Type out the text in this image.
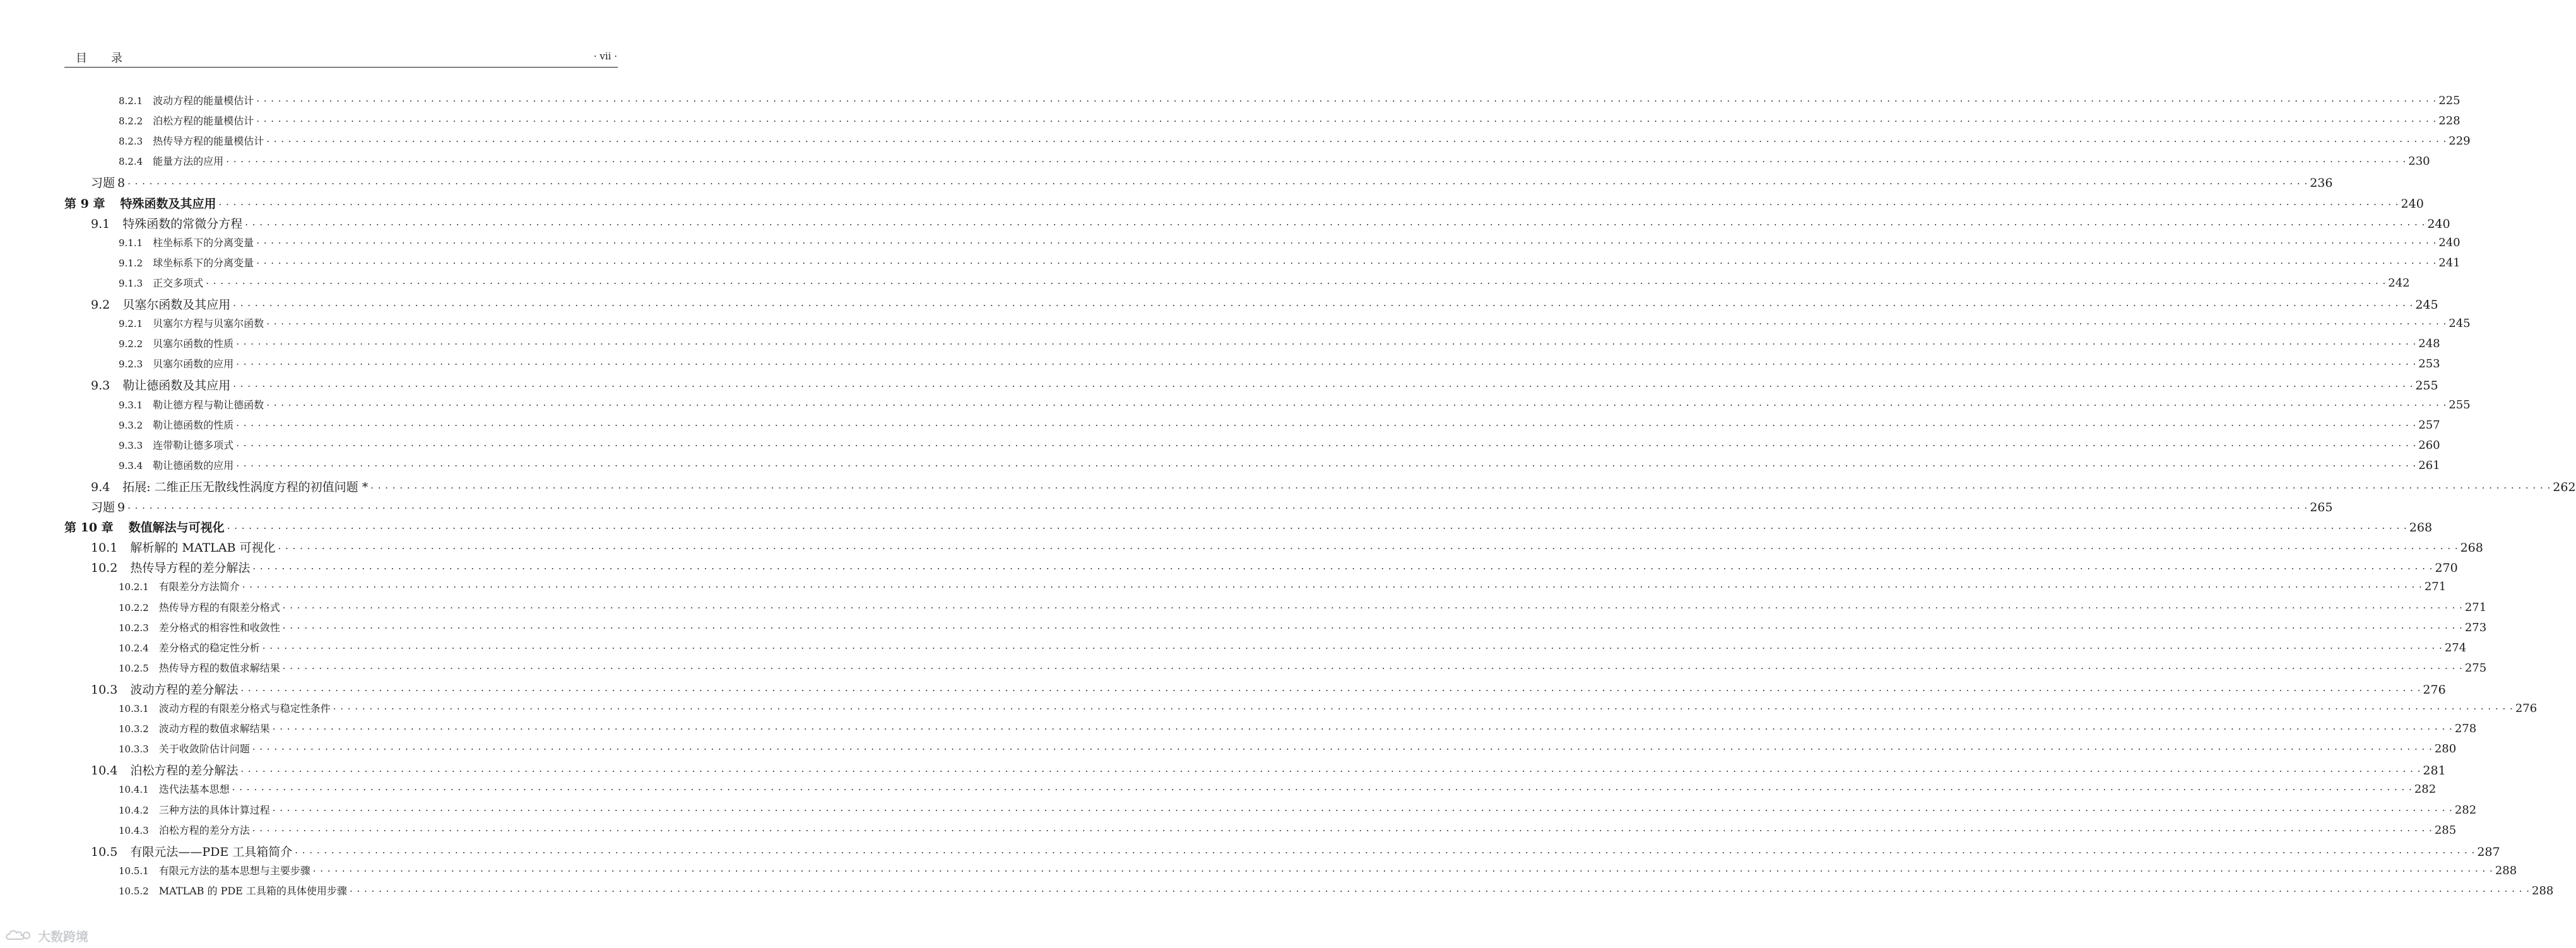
目录	· vii ·
8.2.1 波动方程的能量模估计 · · · · · · · · · · · · · · · · · · · · · · · · · · · · · · · · · · · · · · · · · · · · · · · · · · · · · · · · · · · · · · · · · · · · · · · · · · · · · · · · · · · · · · · · · · · · · · · · · · · · · · · · · · · · · · · · · · · · · · · · · · · · · · · · · · · · · · · · · · · · · · · · · · · · · · · · · · · · · · · · · · · · · · · · · · · · · · · · · · · · · · · · · · · · · · · · · · · · · · · · · · · · · · · · · · · · · · · · · · · · · · · · · · · · · · · · · · · · · · · · · · · · · · · · · · · · · · · · · · · · · · · · · · · · · · · · · · · · · · · · · · · · · · · · · · · · · · · · · · · · 225
8.2.2 泊松方程的能量模估计 · · · · · · · · · · · · · · · · · · · · · · · · · · · · · · · · · · · · · · · · · · · · · · · · · · · · · · · · · · · · · · · · · · · · · · · · · · · · · · · · · · · · · · · · · · · · · · · · · · · · · · · · · · · · · · · · · · · · · · · · · · · · · · · · · · · · · · · · · · · · · · · · · · · · · · · · · · · · · · · · · · · · · · · · · · · · · · · · · · · · · · · · · · · · · · · · · · · · · · · · · · · · · · · · · · · · · · · · · · · · · · · · · · · · · · · · · · · · · · · · · · · · · · · · · · · · · · · · · · · · · · · · · · · · · · · · · · · · · · · · · · · · · · · · · · · · · · · · · · · · 228
8.2.3 热传导方程的能量模估计 · · · · · · · · · · · · · · · · · · · · · · · · · · · · · · · · · · · · · · · · · · · · · · · · · · · · · · · · · · · · · · · · · · · · · · · · · · · · · · · · · · · · · · · · · · · · · · · · · · · · · · · · · · · · · · · · · · · · · · · · · · · · · · · · · · · · · · · · · · · · · · · · · · · · · · · · · · · · · · · · · · · · · · · · · · · · · · · · · · · · · · · · · · · · · · · · · · · · · · · · · · · · · · · · · · · · · · · · · · · · · · · · · · · · · · · · · · · · · · · · · · · · · · · · · · · · · · · · · · · · · · · · · · · · · · · · · · · · · · · · · · · · · · · · · · · · · · · · · · · · 229
8.2.4 能量方法的应用 · · · · · · · · · · · · · · · · · · · · · · · · · · · · · · · · · · · · · · · · · · · · · · · · · · · · · · · · · · · · · · · · · · · · · · · · · · · · · · · · · · · · · · · · · · · · · · · · · · · · · · · · · · · · · · · · · · · · · · · · · · · · · · · · · · · · · · · · · · · · · · · · · · · · · · · · · · · · · · · · · · · · · · · · · · · · · · · · · · · · · · · · · · · · · · · · · · · · · · · · · · · · · · · · · · · · · · · · · · · · · · · · · · · · · · · · · · · · · · · · · · · · · · · · · · · · · · · · · · · · · · · · · · · · · · · · · · · · · · · · · · · · · · · · · · · · · · · · · · · · 230
习题 8 · · · · · · · · · · · · · · · · · · · · · · · · · · · · · · · · · · · · · · · · · · · · · · · · · · · · · · · · · · · · · · · · · · · · · · · · · · · · · · · · · · · · · · · · · · · · · · · · · · · · · · · · · · · · · · · · · · · · · · · · · · · · · · · · · · · · · · · · · · · · · · · · · · · · · · · · · · · · · · · · · · · · · · · · · · · · · · · · · · · · · · · · · · · · · · · · · · · · · · · · · · · · · · · · · · · · · · · · · · · · · · · · · · · · · · · · · · · · · · · · · · · · · · · · · · · · · · · · · · · · · · · · · · · · · · · · · · · · · · · · · · · · · · · · · · · · · · · · · · · · 236
第 9 章 特殊函数及其应用 · · · · · · · · · · · · · · · · · · · · · · · · · · · · · · · · · · · · · · · · · · · · · · · · · · · · · · · · · · · · · · · · · · · · · · · · · · · · · · · · · · · · · · · · · · · · · · · · · · · · · · · · · · · · · · · · · · · · · · · · · · · · · · · · · · · · · · · · · · · · · · · · · · · · · · · · · · · · · · · · · · · · · · · · · · · · · · · · · · · · · · · · · · · · · · · · · · · · · · · · · · · · · · · · · · · · · · · · · · · · · · · · · · · · · · · · · · · · · · · · · · · · · · · · · · · · · · · · · · · · · · · · · · · · · · · · · · · · · · · · · · · · · · · · · · · · · · · · · · · · 240
9.1 特殊函数的常微分方程 · · · · · · · · · · · · · · · · · · · · · · · · · · · · · · · · · · · · · · · · · · · · · · · · · · · · · · · · · · · · · · · · · · · · · · · · · · · · · · · · · · · · · · · · · · · · · · · · · · · · · · · · · · · · · · · · · · · · · · · · · · · · · · · · · · · · · · · · · · · · · · · · · · · · · · · · · · · · · · · · · · · · · · · · · · · · · · · · · · · · · · · · · · · · · · · · · · · · · · · · · · · · · · · · · · · · · · · · · · · · · · · · · · · · · · · · · · · · · · · · · · · · · · · · · · · · · · · · · · · · · · · · · · · · · · · · · · · · · · · · · · · · · · · · · · · · · · · · · · · · 240
9.1.1 柱坐标系下的分离变量 · · · · · · · · · · · · · · · · · · · · · · · · · · · · · · · · · · · · · · · · · · · · · · · · · · · · · · · · · · · · · · · · · · · · · · · · · · · · · · · · · · · · · · · · · · · · · · · · · · · · · · · · · · · · · · · · · · · · · · · · · · · · · · · · · · · · · · · · · · · · · · · · · · · · · · · · · · · · · · · · · · · · · · · · · · · · · · · · · · · · · · · · · · · · · · · · · · · · · · · · · · · · · · · · · · · · · · · · · · · · · · · · · · · · · · · · · · · · · · · · · · · · · · · · · · · · · · · · · · · · · · · · · · · · · · · · · · · · · · · · · · · · · · · · · · · · · · · · · · · · 240
9.1.2 球坐标系下的分离变量 · · · · · · · · · · · · · · · · · · · · · · · · · · · · · · · · · · · · · · · · · · · · · · · · · · · · · · · · · · · · · · · · · · · · · · · · · · · · · · · · · · · · · · · · · · · · · · · · · · · · · · · · · · · · · · · · · · · · · · · · · · · · · · · · · · · · · · · · · · · · · · · · · · · · · · · · · · · · · · · · · · · · · · · · · · · · · · · · · · · · · · · · · · · · · · · · · · · · · · · · · · · · · · · · · · · · · · · · · · · · · · · · · · · · · · · · · · · · · · · · · · · · · · · · · · · · · · · · · · · · · · · · · · · · · · · · · · · · · · · · · · · · · · · · · · · · · · · · · · · · 241
9.1.3 正交多项式 · · · · · · · · · · · · · · · · · · · · · · · · · · · · · · · · · · · · · · · · · · · · · · · · · · · · · · · · · · · · · · · · · · · · · · · · · · · · · · · · · · · · · · · · · · · · · · · · · · · · · · · · · · · · · · · · · · · · · · · · · · · · · · · · · · · · · · · · · · · · · · · · · · · · · · · · · · · · · · · · · · · · · · · · · · · · · · · · · · · · · · · · · · · · · · · · · · · · · · · · · · · · · · · · · · · · · · · · · · · · · · · · · · · · · · · · · · · · · · · · · · · · · · · · · · · · · · · · · · · · · · · · · · · · · · · · · · · · · · · · · · · · · · · · · · · · · · · · · · · · 242
9.2 贝塞尔函数及其应用 · · · · · · · · · · · · · · · · · · · · · · · · · · · · · · · · · · · · · · · · · · · · · · · · · · · · · · · · · · · · · · · · · · · · · · · · · · · · · · · · · · · · · · · · · · · · · · · · · · · · · · · · · · · · · · · · · · · · · · · · · · · · · · · · · · · · · · · · · · · · · · · · · · · · · · · · · · · · · · · · · · · · · · · · · · · · · · · · · · · · · · · · · · · · · · · · · · · · · · · · · · · · · · · · · · · · · · · · · · · · · · · · · · · · · · · · · · · · · · · · · · · · · · · · · · · · · · · · · · · · · · · · · · · · · · · · · · · · · · · · · · · · · · · · · · · · · · · · · · · · 245
9.2.1 贝塞尔方程与贝塞尔函数 · · · · · · · · · · · · · · · · · · · · · · · · · · · · · · · · · · · · · · · · · · · · · · · · · · · · · · · · · · · · · · · · · · · · · · · · · · · · · · · · · · · · · · · · · · · · · · · · · · · · · · · · · · · · · · · · · · · · · · · · · · · · · · · · · · · · · · · · · · · · · · · · · · · · · · · · · · · · · · · · · · · · · · · · · · · · · · · · · · · · · · · · · · · · · · · · · · · · · · · · · · · · · · · · · · · · · · · · · · · · · · · · · · · · · · · · · · · · · · · · · · · · · · · · · · · · · · · · · · · · · · · · · · · · · · · · · · · · · · · · · · · · · · · · · · · · · · · · · · · · 245
9.2.2 贝塞尔函数的性质 · · · · · · · · · · · · · · · · · · · · · · · · · · · · · · · · · · · · · · · · · · · · · · · · · · · · · · · · · · · · · · · · · · · · · · · · · · · · · · · · · · · · · · · · · · · · · · · · · · · · · · · · · · · · · · · · · · · · · · · · · · · · · · · · · · · · · · · · · · · · · · · · · · · · · · · · · · · · · · · · · · · · · · · · · · · · · · · · · · · · · · · · · · · · · · · · · · · · · · · · · · · · · · · · · · · · · · · · · · · · · · · · · · · · · · · · · · · · · · · · · · · · · · · · · · · · · · · · · · · · · · · · · · · · · · · · · · · · · · · · · · · · · · · · · · · · · · · · · · · · 248
9.2.3 贝塞尔函数的应用 · · · · · · · · · · · · · · · · · · · · · · · · · · · · · · · · · · · · · · · · · · · · · · · · · · · · · · · · · · · · · · · · · · · · · · · · · · · · · · · · · · · · · · · · · · · · · · · · · · · · · · · · · · · · · · · · · · · · · · · · · · · · · · · · · · · · · · · · · · · · · · · · · · · · · · · · · · · · · · · · · · · · · · · · · · · · · · · · · · · · · · · · · · · · · · · · · · · · · · · · · · · · · · · · · · · · · · · · · · · · · · · · · · · · · · · · · · · · · · · · · · · · · · · · · · · · · · · · · · · · · · · · · · · · · · · · · · · · · · · · · · · · · · · · · · · · · · · · · · · · 253
9.3 勒让德函数及其应用 · · · · · · · · · · · · · · · · · · · · · · · · · · · · · · · · · · · · · · · · · · · · · · · · · · · · · · · · · · · · · · · · · · · · · · · · · · · · · · · · · · · · · · · · · · · · · · · · · · · · · · · · · · · · · · · · · · · · · · · · · · · · · · · · · · · · · · · · · · · · · · · · · · · · · · · · · · · · · · · · · · · · · · · · · · · · · · · · · · · · · · · · · · · · · · · · · · · · · · · · · · · · · · · · · · · · · · · · · · · · · · · · · · · · · · · · · · · · · · · · · · · · · · · · · · · · · · · · · · · · · · · · · · · · · · · · · · · · · · · · · · · · · · · · · · · · · · · · · · · · 255
9.3.1 勒让德方程与勒让德函数 · · · · · · · · · · · · · · · · · · · · · · · · · · · · · · · · · · · · · · · · · · · · · · · · · · · · · · · · · · · · · · · · · · · · · · · · · · · · · · · · · · · · · · · · · · · · · · · · · · · · · · · · · · · · · · · · · · · · · · · · · · · · · · · · · · · · · · · · · · · · · · · · · · · · · · · · · · · · · · · · · · · · · · · · · · · · · · · · · · · · · · · · · · · · · · · · · · · · · · · · · · · · · · · · · · · · · · · · · · · · · · · · · · · · · · · · · · · · · · · · · · · · · · · · · · · · · · · · · · · · · · · · · · · · · · · · · · · · · · · · · · · · · · · · · · · · · · · · · · · · 255
9.3.2 勒让德函数的性质 · · · · · · · · · · · · · · · · · · · · · · · · · · · · · · · · · · · · · · · · · · · · · · · · · · · · · · · · · · · · · · · · · · · · · · · · · · · · · · · · · · · · · · · · · · · · · · · · · · · · · · · · · · · · · · · · · · · · · · · · · · · · · · · · · · · · · · · · · · · · · · · · · · · · · · · · · · · · · · · · · · · · · · · · · · · · · · · · · · · · · · · · · · · · · · · · · · · · · · · · · · · · · · · · · · · · · · · · · · · · · · · · · · · · · · · · · · · · · · · · · · · · · · · · · · · · · · · · · · · · · · · · · · · · · · · · · · · · · · · · · · · · · · · · · · · · · · · · · · · · 257
9.3.3 连带勒让德多项式 · · · · · · · · · · · · · · · · · · · · · · · · · · · · · · · · · · · · · · · · · · · · · · · · · · · · · · · · · · · · · · · · · · · · · · · · · · · · · · · · · · · · · · · · · · · · · · · · · · · · · · · · · · · · · · · · · · · · · · · · · · · · · · · · · · · · · · · · · · · · · · · · · · · · · · · · · · · · · · · · · · · · · · · · · · · · · · · · · · · · · · · · · · · · · · · · · · · · · · · · · · · · · · · · · · · · · · · · · · · · · · · · · · · · · · · · · · · · · · · · · · · · · · · · · · · · · · · · · · · · · · · · · · · · · · · · · · · · · · · · · · · · · · · · · · · · · · · · · · · · 260
9.3.4 勒让德函数的应用 · · · · · · · · · · · · · · · · · · · · · · · · · · · · · · · · · · · · · · · · · · · · · · · · · · · · · · · · · · · · · · · · · · · · · · · · · · · · · · · · · · · · · · · · · · · · · · · · · · · · · · · · · · · · · · · · · · · · · · · · · · · · · · · · · · · · · · · · · · · · · · · · · · · · · · · · · · · · · · · · · · · · · · · · · · · · · · · · · · · · · · · · · · · · · · · · · · · · · · · · · · · · · · · · · · · · · · · · · · · · · · · · · · · · · · · · · · · · · · · · · · · · · · · · · · · · · · · · · · · · · · · · · · · · · · · · · · · · · · · · · · · · · · · · · · · · · · · · · · · · 261
9.4 拓展: 二维正压无散线性涡度方程的初值问题 * · · · · · · · · · · · · · · · · · · · · · · · · · · · · · · · · · · · · · · · · · · · · · · · · · · · · · · · · · · · · · · · · · · · · · · · · · · · · · · · · · · · · · · · · · · · · · · · · · · · · · · · · · · · · · · · · · · · · · · · · · · · · · · · · · · · · · · · · · · · · · · · · · · · · · · · · · · · · · · · · · · · · · · · · · · · · · · · · · · · · · · · · · · · · · · · · · · · · · · · · · · · · · · · · · · · · · · · · · · · · · · · · · · · · · · · · · · · · · · · · · · · · · · · · · · · · · · · · · · · · · · · · · · · · · · · · · · · · · · · · · · · · · · · · · · · · · · · · · · · · 262
习题 9 · · · · · · · · · · · · · · · · · · · · · · · · · · · · · · · · · · · · · · · · · · · · · · · · · · · · · · · · · · · · · · · · · · · · · · · · · · · · · · · · · · · · · · · · · · · · · · · · · · · · · · · · · · · · · · · · · · · · · · · · · · · · · · · · · · · · · · · · · · · · · · · · · · · · · · · · · · · · · · · · · · · · · · · · · · · · · · · · · · · · · · · · · · · · · · · · · · · · · · · · · · · · · · · · · · · · · · · · · · · · · · · · · · · · · · · · · · · · · · · · · · · · · · · · · · · · · · · · · · · · · · · · · · · · · · · · · · · · · · · · · · · · · · · · · · · · · · · · · · · · 265
第 10 章 数值解法与可视化 · · · · · · · · · · · · · · · · · · · · · · · · · · · · · · · · · · · · · · · · · · · · · · · · · · · · · · · · · · · · · · · · · · · · · · · · · · · · · · · · · · · · · · · · · · · · · · · · · · · · · · · · · · · · · · · · · · · · · · · · · · · · · · · · · · · · · · · · · · · · · · · · · · · · · · · · · · · · · · · · · · · · · · · · · · · · · · · · · · · · · · · · · · · · · · · · · · · · · · · · · · · · · · · · · · · · · · · · · · · · · · · · · · · · · · · · · · · · · · · · · · · · · · · · · · · · · · · · · · · · · · · · · · · · · · · · · · · · · · · · · · · · · · · · · · · · · · · · · · · · 268
10.1 解析解的 MATLAB 可视化 · · · · · · · · · · · · · · · · · · · · · · · · · · · · · · · · · · · · · · · · · · · · · · · · · · · · · · · · · · · · · · · · · · · · · · · · · · · · · · · · · · · · · · · · · · · · · · · · · · · · · · · · · · · · · · · · · · · · · · · · · · · · · · · · · · · · · · · · · · · · · · · · · · · · · · · · · · · · · · · · · · · · · · · · · · · · · · · · · · · · · · · · · · · · · · · · · · · · · · · · · · · · · · · · · · · · · · · · · · · · · · · · · · · · · · · · · · · · · · · · · · · · · · · · · · · · · · · · · · · · · · · · · · · · · · · · · · · · · · · · · · · · · · · · · · · · · · · · · · · · 268
10.2 热传导方程的差分解法 · · · · · · · · · · · · · · · · · · · · · · · · · · · · · · · · · · · · · · · · · · · · · · · · · · · · · · · · · · · · · · · · · · · · · · · · · · · · · · · · · · · · · · · · · · · · · · · · · · · · · · · · · · · · · · · · · · · · · · · · · · · · · · · · · · · · · · · · · · · · · · · · · · · · · · · · · · · · · · · · · · · · · · · · · · · · · · · · · · · · · · · · · · · · · · · · · · · · · · · · · · · · · · · · · · · · · · · · · · · · · · · · · · · · · · · · · · · · · · · · · · · · · · · · · · · · · · · · · · · · · · · · · · · · · · · · · · · · · · · · · · · · · · · · · · · · · · · · · · · · 270
10.2.1 有限差分方法简介 · · · · · · · · · · · · · · · · · · · · · · · · · · · · · · · · · · · · · · · · · · · · · · · · · · · · · · · · · · · · · · · · · · · · · · · · · · · · · · · · · · · · · · · · · · · · · · · · · · · · · · · · · · · · · · · · · · · · · · · · · · · · · · · · · · · · · · · · · · · · · · · · · · · · · · · · · · · · · · · · · · · · · · · · · · · · · · · · · · · · · · · · · · · · · · · · · · · · · · · · · · · · · · · · · · · · · · · · · · · · · · · · · · · · · · · · · · · · · · · · · · · · · · · · · · · · · · · · · · · · · · · · · · · · · · · · · · · · · · · · · · · · · · · · · · · · · · · · · · · · 271
10.2.2 热传导方程的有限差分格式 · · · · · · · · · · · · · · · · · · · · · · · · · · · · · · · · · · · · · · · · · · · · · · · · · · · · · · · · · · · · · · · · · · · · · · · · · · · · · · · · · · · · · · · · · · · · · · · · · · · · · · · · · · · · · · · · · · · · · · · · · · · · · · · · · · · · · · · · · · · · · · · · · · · · · · · · · · · · · · · · · · · · · · · · · · · · · · · · · · · · · · · · · · · · · · · · · · · · · · · · · · · · · · · · · · · · · · · · · · · · · · · · · · · · · · · · · · · · · · · · · · · · · · · · · · · · · · · · · · · · · · · · · · · · · · · · · · · · · · · · · · · · · · · · · · · · · · · · · · · · 271
10.2.3 差分格式的相容性和收敛性 · · · · · · · · · · · · · · · · · · · · · · · · · · · · · · · · · · · · · · · · · · · · · · · · · · · · · · · · · · · · · · · · · · · · · · · · · · · · · · · · · · · · · · · · · · · · · · · · · · · · · · · · · · · · · · · · · · · · · · · · · · · · · · · · · · · · · · · · · · · · · · · · · · · · · · · · · · · · · · · · · · · · · · · · · · · · · · · · · · · · · · · · · · · · · · · · · · · · · · · · · · · · · · · · · · · · · · · · · · · · · · · · · · · · · · · · · · · · · · · · · · · · · · · · · · · · · · · · · · · · · · · · · · · · · · · · · · · · · · · · · · · · · · · · · · · · · · · · · · · · 273
10.2.4 差分格式的稳定性分析 · · · · · · · · · · · · · · · · · · · · · · · · · · · · · · · · · · · · · · · · · · · · · · · · · · · · · · · · · · · · · · · · · · · · · · · · · · · · · · · · · · · · · · · · · · · · · · · · · · · · · · · · · · · · · · · · · · · · · · · · · · · · · · · · · · · · · · · · · · · · · · · · · · · · · · · · · · · · · · · · · · · · · · · · · · · · · · · · · · · · · · · · · · · · · · · · · · · · · · · · · · · · · · · · · · · · · · · · · · · · · · · · · · · · · · · · · · · · · · · · · · · · · · · · · · · · · · · · · · · · · · · · · · · · · · · · · · · · · · · · · · · · · · · · · · · · · · · · · · · · 274
10.2.5 热传导方程的数值求解结果 · · · · · · · · · · · · · · · · · · · · · · · · · · · · · · · · · · · · · · · · · · · · · · · · · · · · · · · · · · · · · · · · · · · · · · · · · · · · · · · · · · · · · · · · · · · · · · · · · · · · · · · · · · · · · · · · · · · · · · · · · · · · · · · · · · · · · · · · · · · · · · · · · · · · · · · · · · · · · · · · · · · · · · · · · · · · · · · · · · · · · · · · · · · · · · · · · · · · · · · · · · · · · · · · · · · · · · · · · · · · · · · · · · · · · · · · · · · · · · · · · · · · · · · · · · · · · · · · · · · · · · · · · · · · · · · · · · · · · · · · · · · · · · · · · · · · · · · · · · · · 275
10.3 波动方程的差分解法 · · · · · · · · · · · · · · · · · · · · · · · · · · · · · · · · · · · · · · · · · · · · · · · · · · · · · · · · · · · · · · · · · · · · · · · · · · · · · · · · · · · · · · · · · · · · · · · · · · · · · · · · · · · · · · · · · · · · · · · · · · · · · · · · · · · · · · · · · · · · · · · · · · · · · · · · · · · · · · · · · · · · · · · · · · · · · · · · · · · · · · · · · · · · · · · · · · · · · · · · · · · · · · · · · · · · · · · · · · · · · · · · · · · · · · · · · · · · · · · · · · · · · · · · · · · · · · · · · · · · · · · · · · · · · · · · · · · · · · · · · · · · · · · · · · · · · · · · · · · · 276
10.3.1 波动方程的有限差分格式与稳定性条件 · · · · · · · · · · · · · · · · · · · · · · · · · · · · · · · · · · · · · · · · · · · · · · · · · · · · · · · · · · · · · · · · · · · · · · · · · · · · · · · · · · · · · · · · · · · · · · · · · · · · · · · · · · · · · · · · · · · · · · · · · · · · · · · · · · · · · · · · · · · · · · · · · · · · · · · · · · · · · · · · · · · · · · · · · · · · · · · · · · · · · · · · · · · · · · · · · · · · · · · · · · · · · · · · · · · · · · · · · · · · · · · · · · · · · · · · · · · · · · · · · · · · · · · · · · · · · · · · · · · · · · · · · · · · · · · · · · · · · · · · · · · · · · · · · · · · · · · · · · · · 276
10.3.2 波动方程的数值求解结果 · · · · · · · · · · · · · · · · · · · · · · · · · · · · · · · · · · · · · · · · · · · · · · · · · · · · · · · · · · · · · · · · · · · · · · · · · · · · · · · · · · · · · · · · · · · · · · · · · · · · · · · · · · · · · · · · · · · · · · · · · · · · · · · · · · · · · · · · · · · · · · · · · · · · · · · · · · · · · · · · · · · · · · · · · · · · · · · · · · · · · · · · · · · · · · · · · · · · · · · · · · · · · · · · · · · · · · · · · · · · · · · · · · · · · · · · · · · · · · · · · · · · · · · · · · · · · · · · · · · · · · · · · · · · · · · · · · · · · · · · · · · · · · · · · · · · · · · · · · · · 278
10.3.3 关于收敛阶估计问题 · · · · · · · · · · · · · · · · · · · · · · · · · · · · · · · · · · · · · · · · · · · · · · · · · · · · · · · · · · · · · · · · · · · · · · · · · · · · · · · · · · · · · · · · · · · · · · · · · · · · · · · · · · · · · · · · · · · · · · · · · · · · · · · · · · · · · · · · · · · · · · · · · · · · · · · · · · · · · · · · · · · · · · · · · · · · · · · · · · · · · · · · · · · · · · · · · · · · · · · · · · · · · · · · · · · · · · · · · · · · · · · · · · · · · · · · · · · · · · · · · · · · · · · · · · · · · · · · · · · · · · · · · · · · · · · · · · · · · · · · · · · · · · · · · · · · · · · · · · · · 280
10.4 泊松方程的差分解法 · · · · · · · · · · · · · · · · · · · · · · · · · · · · · · · · · · · · · · · · · · · · · · · · · · · · · · · · · · · · · · · · · · · · · · · · · · · · · · · · · · · · · · · · · · · · · · · · · · · · · · · · · · · · · · · · · · · · · · · · · · · · · · · · · · · · · · · · · · · · · · · · · · · · · · · · · · · · · · · · · · · · · · · · · · · · · · · · · · · · · · · · · · · · · · · · · · · · · · · · · · · · · · · · · · · · · · · · · · · · · · · · · · · · · · · · · · · · · · · · · · · · · · · · · · · · · · · · · · · · · · · · · · · · · · · · · · · · · · · · · · · · · · · · · · · · · · · · · · · · 281
10.4.1 迭代法基本思想 · · · · · · · · · · · · · · · · · · · · · · · · · · · · · · · · · · · · · · · · · · · · · · · · · · · · · · · · · · · · · · · · · · · · · · · · · · · · · · · · · · · · · · · · · · · · · · · · · · · · · · · · · · · · · · · · · · · · · · · · · · · · · · · · · · · · · · · · · · · · · · · · · · · · · · · · · · · · · · · · · · · · · · · · · · · · · · · · · · · · · · · · · · · · · · · · · · · · · · · · · · · · · · · · · · · · · · · · · · · · · · · · · · · · · · · · · · · · · · · · · · · · · · · · · · · · · · · · · · · · · · · · · · · · · · · · · · · · · · · · · · · · · · · · · · · · · · · · · · · · 282
10.4.2 三种方法的具体计算过程 · · · · · · · · · · · · · · · · · · · · · · · · · · · · · · · · · · · · · · · · · · · · · · · · · · · · · · · · · · · · · · · · · · · · · · · · · · · · · · · · · · · · · · · · · · · · · · · · · · · · · · · · · · · · · · · · · · · · · · · · · · · · · · · · · · · · · · · · · · · · · · · · · · · · · · · · · · · · · · · · · · · · · · · · · · · · · · · · · · · · · · · · · · · · · · · · · · · · · · · · · · · · · · · · · · · · · · · · · · · · · · · · · · · · · · · · · · · · · · · · · · · · · · · · · · · · · · · · · · · · · · · · · · · · · · · · · · · · · · · · · · · · · · · · · · · · · · · · · · · · 282
10.4.3 泊松方程的差分方法 · · · · · · · · · · · · · · · · · · · · · · · · · · · · · · · · · · · · · · · · · · · · · · · · · · · · · · · · · · · · · · · · · · · · · · · · · · · · · · · · · · · · · · · · · · · · · · · · · · · · · · · · · · · · · · · · · · · · · · · · · · · · · · · · · · · · · · · · · · · · · · · · · · · · · · · · · · · · · · · · · · · · · · · · · · · · · · · · · · · · · · · · · · · · · · · · · · · · · · · · · · · · · · · · · · · · · · · · · · · · · · · · · · · · · · · · · · · · · · · · · · · · · · · · · · · · · · · · · · · · · · · · · · · · · · · · · · · · · · · · · · · · · · · · · · · · · · · · · · · · 285
10.5 有限元法——PDE 工具箱简介 · · · · · · · · · · · · · · · · · · · · · · · · · · · · · · · · · · · · · · · · · · · · · · · · · · · · · · · · · · · · · · · · · · · · · · · · · · · · · · · · · · · · · · · · · · · · · · · · · · · · · · · · · · · · · · · · · · · · · · · · · · · · · · · · · · · · · · · · · · · · · · · · · · · · · · · · · · · · · · · · · · · · · · · · · · · · · · · · · · · · · · · · · · · · · · · · · · · · · · · · · · · · · · · · · · · · · · · · · · · · · · · · · · · · · · · · · · · · · · · · · · · · · · · · · · · · · · · · · · · · · · · · · · · · · · · · · · · · · · · · · · · · · · · · · · · · · · · · · · · · 287
10.5.1 有限元方法的基本思想与主要步骤 · · · · · · · · · · · · · · · · · · · · · · · · · · · · · · · · · · · · · · · · · · · · · · · · · · · · · · · · · · · · · · · · · · · · · · · · · · · · · · · · · · · · · · · · · · · · · · · · · · · · · · · · · · · · · · · · · · · · · · · · · · · · · · · · · · · · · · · · · · · · · · · · · · · · · · · · · · · · · · · · · · · · · · · · · · · · · · · · · · · · · · · · · · · · · · · · · · · · · · · · · · · · · · · · · · · · · · · · · · · · · · · · · · · · · · · · · · · · · · · · · · · · · · · · · · · · · · · · · · · · · · · · · · · · · · · · · · · · · · · · · · · · · · · · · · · · · · · · · · · · 288
10.5.2 MATLAB 的 PDE 工具箱的具体使用步骤 · · · · · · · · · · · · · · · · · · · · · · · · · · · · · · · · · · · · · · · · · · · · · · · · · · · · · · · · · · · · · · · · · · · · · · · · · · · · · · · · · · · · · · · · · · · · · · · · · · · · · · · · · · · · · · · · · · · · · · · · · · · · · · · · · · · · · · · · · · · · · · · · · · · · · · · · · · · · · · · · · · · · · · · · · · · · · · · · · · · · · · · · · · · · · · · · · · · · · · · · · · · · · · · · · · · · · · · · · · · · · · · · · · · · · · · · · · · · · · · · · · · · · · · · · · · · · · · · · · · · · · · · · · · · · · · · · · · · · · · · · · · · · · · · · · · · · · · · · · · · 288
大数跨境
